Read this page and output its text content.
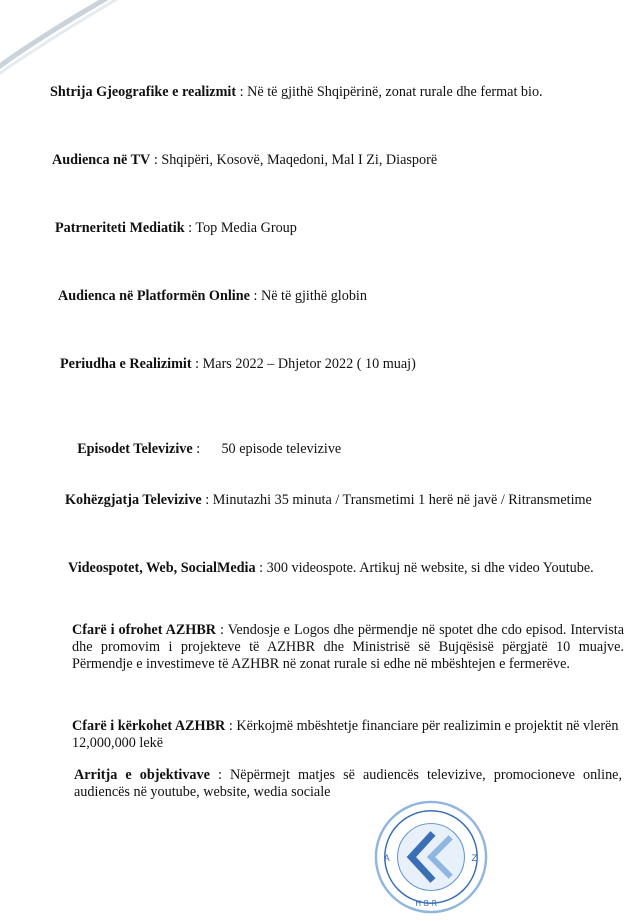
Shtrija Gjeografike e realizmit : Në të gjithë Shqipërinë, zonat rurale dhe fermat bio.
Audienca në TV : Shqipëri, Kosovë, Maqedoni, Mal I Zi, Diasporë
Patrneriteti Mediatik : Top Media Group
Audienca në Platformën Online : Në të gjithë globin
Periudha e Realizimit : Mars 2022 – Dhjetor 2022 ( 10 muaj)

Episodet Televizive :      50 episode televizive

Kohëzgjatja Televizive : Minutazhi 35 minuta / Transmetimi 1 herë në javë / Ritransmetime
Videospotet, Web, SocialMedia : 300 videospote. Artikuj në website, si dhe video Youtube.
Cfarë i ofrohet AZHBR : Vendosje e Logos dhe përmendje në spotet dhe cdo episod. Intervista dhe promovim i projekteve të AZHBR dhe Ministrisë së Bujqësisë përgjatë 10 muajve. Përmendje e investimeve të AZHBR në zonat rurale si edhe në mbështejen e fermerëve.
Cfarë i kërkohet AZHBR : Kërkojmë mbështetje financiare për realizimin e projektit në vlerën 12,000,000 lekë
Arritja e objektivave : Nëpërmejt matjes së audiencës televizive, promocioneve online, audiencës në youtube, website, wedia sociale
A	Z
H B R
